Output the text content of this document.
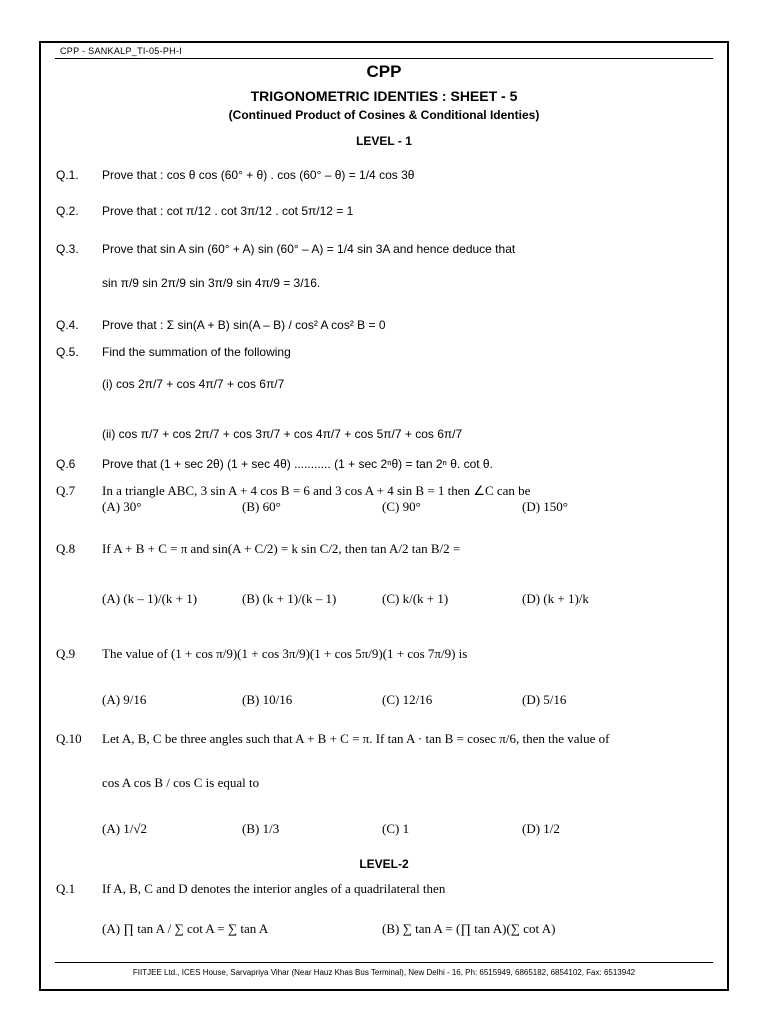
CPP - SANKALP_TI-05-PH-I
CPP
TRIGONOMETRIC IDENTIES : SHEET - 5
(Continued Product of Cosines & Conditional Identies)
LEVEL - 1
Q.1. Prove that : cos θ cos (60° + θ) . cos (60° – θ) = 1/4 cos 3θ
Q.2. Prove that : cot π/12 . cot 3π/12 . cot 5π/12 = 1
Q.3. Prove that sin A sin (60° + A) sin (60° – A) = 1/4 sin 3A and hence deduce that
sin π/9 sin 2π/9 sin 3π/9 sin 4π/9 = 3/16.
Q.4. Prove that : Σ sin(A + B) sin(A – B) / cos² A cos² B = 0
Q.5. Find the summation of the following
(i) cos 2π/7 + cos 4π/7 + cos 6π/7
(ii) cos π/7 + cos 2π/7 + cos 3π/7 + cos 4π/7 + cos 5π/7 + cos 6π/7
Q.6 Prove that (1 + sec 2θ) (1 + sec 4θ) ........... (1 + sec 2ⁿθ) = tan 2ⁿ θ. cot θ.
Q.7 In a triangle ABC, 3 sin A + 4 cos B = 6 and 3 cos A + 4 sin B = 1 then ∠C can be
(A) 30°	(B) 60°	(C) 90°	(D) 150°
Q.8 If A + B + C = π and sin(A + C/2) = k sin C/2, then tan A/2 tan B/2 =
(A) (k – 1)/(k + 1)	(B) (k + 1)/(k – 1)	(C) k/(k + 1)	(D) (k + 1)/k
Q.9 The value of (1 + cos π/9)(1 + cos 3π/9)(1 + cos 5π/9)(1 + cos 7π/9) is
(A) 9/16	(B) 10/16	(C) 12/16	(D) 5/16
Q.10 Let A, B, C be three angles such that A + B + C = π. If tan A · tan B = cosec π/6, then the value of
cos A cos B / cos C is equal to
(A) 1/√2	(B) 1/3	(C) 1	(D) 1/2
LEVEL-2
Q.1 If A, B, C and D denotes the interior angles of a quadrilateral then
(A) ∏ tan A / ∑ cot A = ∑ tan A	(B) ∑ tan A = (∏ tan A)(∑ cot A)
FIITJEE Ltd., ICES House, Sarvapriya Vihar (Near Hauz Khas Bus Terminal), New Delhi - 16, Ph: 6515949, 6865182, 6854102, Fax: 6513942
